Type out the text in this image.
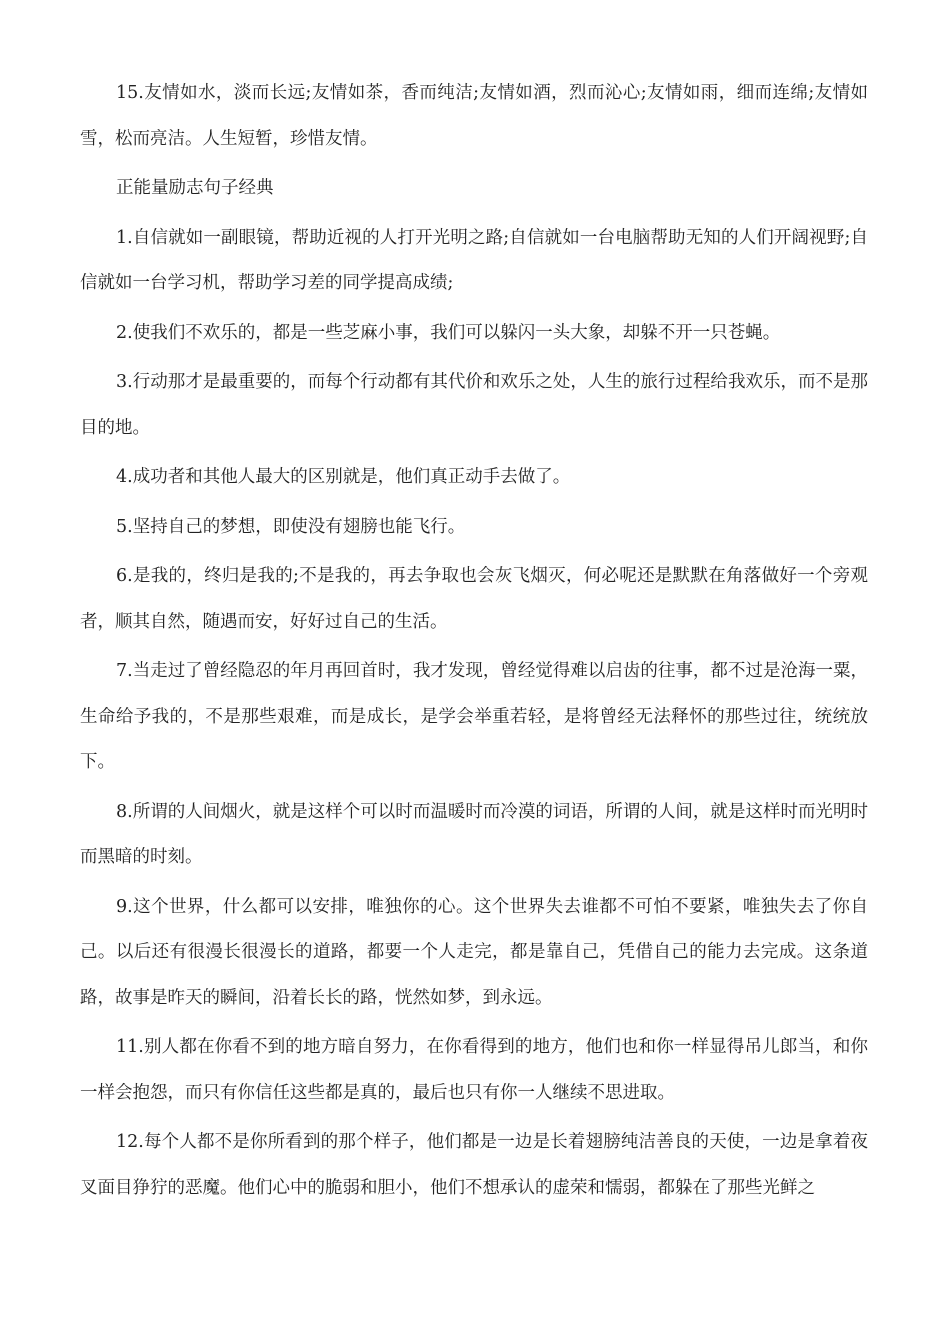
15.友情如水，淡而长远;友情如茶，香而纯洁;友情如酒，烈而沁心;友情如雨，细而连绵;友情如雪，松而亮洁。人生短暂，珍惜友情。

正能量励志句子经典

1.自信就如一副眼镜，帮助近视的人打开光明之路;自信就如一台电脑帮助无知的人们开阔视野;自信就如一台学习机，帮助学习差的同学提高成绩;

2.使我们不欢乐的，都是一些芝麻小事，我们可以躲闪一头大象，却躲不开一只苍蝇。

3.行动那才是最重要的，而每个行动都有其代价和欢乐之处，人生的旅行过程给我欢乐，而不是那目的地。

4.成功者和其他人最大的区别就是，他们真正动手去做了。

5.坚持自己的梦想，即使没有翅膀也能飞行。

6.是我的，终归是我的;不是我的，再去争取也会灰飞烟灭，何必呢还是默默在角落做好一个旁观者，顺其自然，随遇而安，好好过自己的生活。

7.当走过了曾经隐忍的年月再回首时，我才发现，曾经觉得难以启齿的往事，都不过是沧海一粟，生命给予我的，不是那些艰难，而是成长，是学会举重若轻，是将曾经无法释怀的那些过往，统统放下。

8.所谓的人间烟火，就是这样个可以时而温暖时而冷漠的词语，所谓的人间，就是这样时而光明时而黑暗的时刻。

9.这个世界，什么都可以安排，唯独你的心。这个世界失去谁都不可怕不要紧，唯独失去了你自己。以后还有很漫长很漫长的道路，都要一个人走完，都是靠自己，凭借自己的能力去完成。这条道路，故事是昨天的瞬间，沿着长长的路，恍然如梦，到永远。

11.别人都在你看不到的地方暗自努力，在你看得到的地方，他们也和你一样显得吊儿郎当，和你一样会抱怨，而只有你信任这些都是真的，最后也只有你一人继续不思进取。

12.每个人都不是你所看到的那个样子，他们都是一边是长着翅膀纯洁善良的天使，一边是拿着夜叉面目狰狞的恶魔。他们心中的脆弱和胆小，他们不想承认的虚荣和懦弱，都躲在了那些光鲜之
